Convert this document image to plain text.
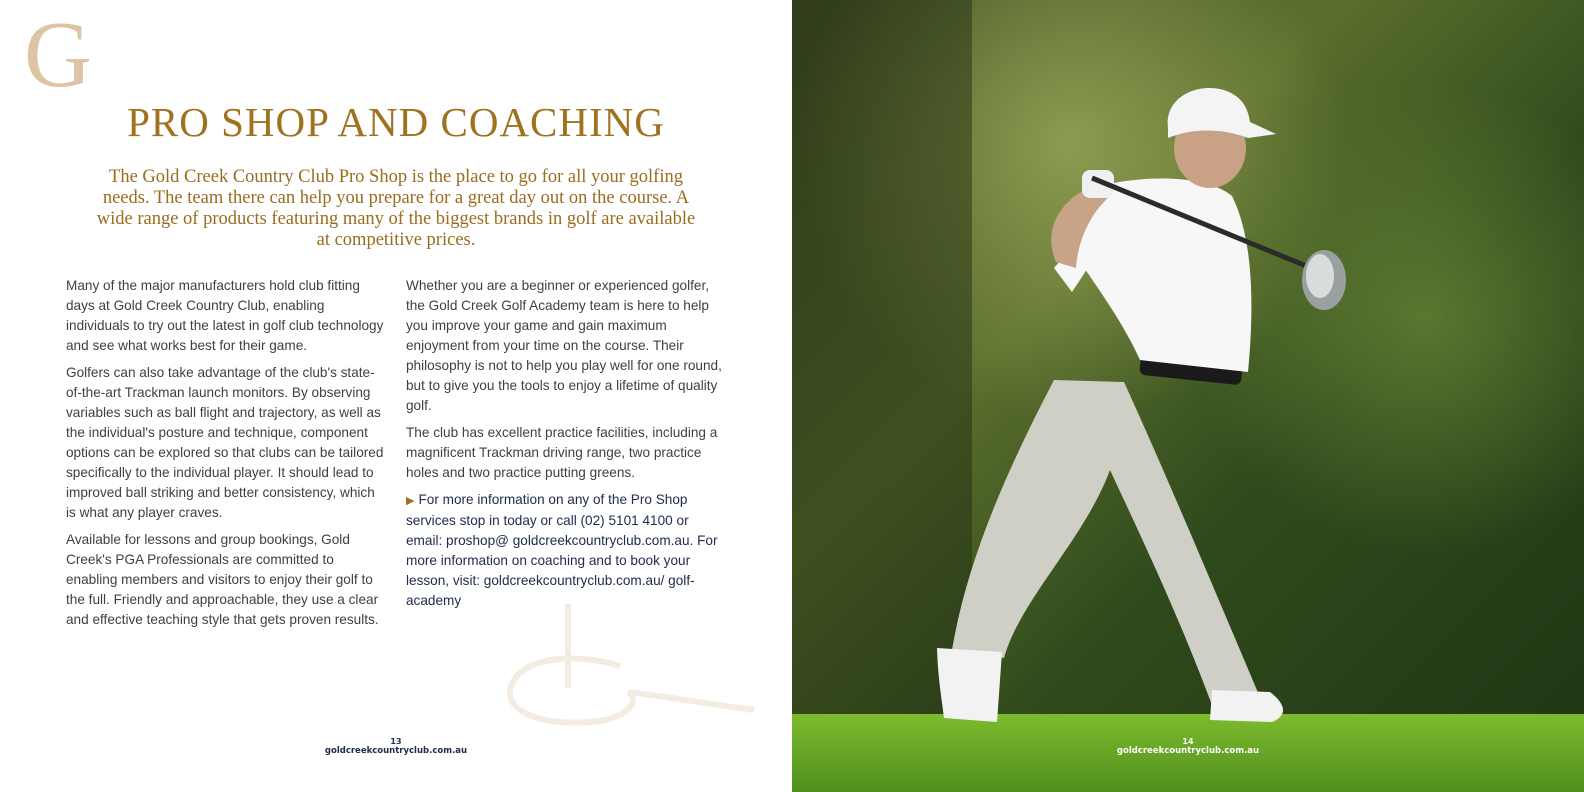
G
PRO SHOP AND COACHING

The Gold Creek Country Club Pro Shop is the place to go for all your golfing needs. The team there can help you prepare for a great day out on the course. A wide range of products featuring many of the biggest brands in golf are available at competitive prices.

Many of the major manufacturers hold club fitting days at Gold Creek Country Club, enabling individuals to try out the latest in golf club technology and see what works best for their game.

Golfers can also take advantage of the club's state-of-the-art Trackman launch monitors. By observing variables such as ball flight and trajectory, as well as the individual's posture and technique, component options can be explored so that clubs can be tailored specifically to the individual player. It should lead to improved ball striking and better consistency, which is what any player craves.

Available for lessons and group bookings, Gold Creek's PGA Professionals are committed to enabling members and visitors to enjoy their golf to the full. Friendly and approachable, they use a clear and effective teaching style that gets proven results.

Whether you are a beginner or experienced golfer, the Gold Creek Golf Academy team is here to help you improve your game and gain maximum enjoyment from your time on the course. Their philosophy is not to help you play well for one round, but to give you the tools to enjoy a lifetime of quality golf.

The club has excellent practice facilities, including a magnificent Trackman driving range, two practice holes and two practice putting greens.

▶ For more information on any of the Pro Shop services stop in today or call (02) 5101 4100 or email: proshop@ goldcreekcountryclub.com.au. For more information on coaching and to book your lesson, visit: goldcreekcountryclub.com.au/ golf-academy

13
goldcreekcountryclub.com.au
14
goldcreekcountryclub.com.au
